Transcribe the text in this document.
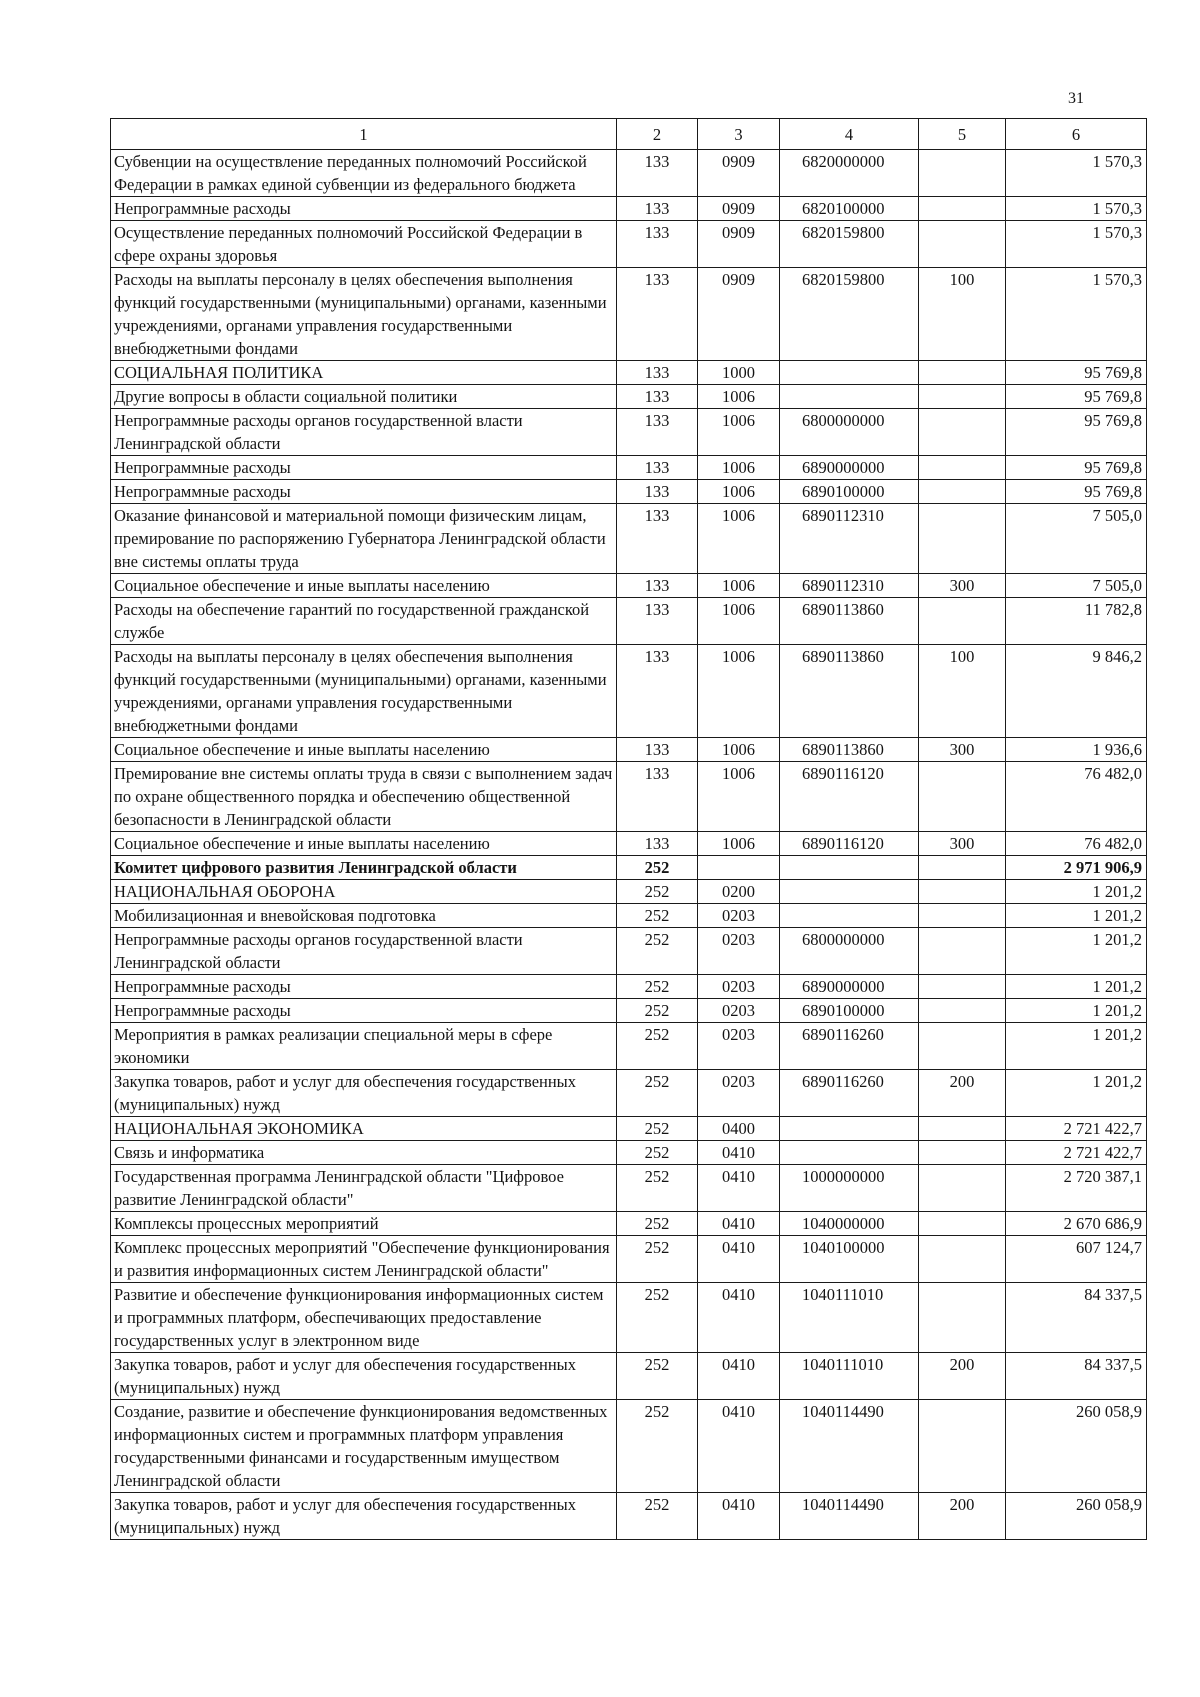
31
1	2	3	4	5	6
Субвенции на осуществление переданных полномочий Российской Федерации в рамках единой субвенции из федерального бюджета	133	0909	6820000000		1 570,3
Непрограммные расходы	133	0909	6820100000		1 570,3
Осуществление переданных полномочий Российской Федерации в сфере охраны здоровья	133	0909	6820159800		1 570,3
Расходы на выплаты персоналу в целях обеспечения выполнения функций государственными (муниципальными) органами, казенными учреждениями, органами управления государственными внебюджетными фондами	133	0909	6820159800	100	1 570,3
СОЦИАЛЬНАЯ ПОЛИТИКА	133	1000			95 769,8
Другие вопросы в области социальной политики	133	1006			95 769,8
Непрограммные расходы органов государственной власти Ленинградской области	133	1006	6800000000		95 769,8
Непрограммные расходы	133	1006	6890000000		95 769,8
Непрограммные расходы	133	1006	6890100000		95 769,8
Оказание финансовой и материальной помощи физическим лицам, премирование по распоряжению Губернатора Ленинградской области вне системы оплаты труда	133	1006	6890112310		7 505,0
Социальное обеспечение и иные выплаты населению	133	1006	6890112310	300	7 505,0
Расходы на обеспечение гарантий по государственной гражданской службе	133	1006	6890113860		11 782,8
Расходы на выплаты персоналу в целях обеспечения выполнения функций государственными (муниципальными) органами, казенными учреждениями, органами управления государственными внебюджетными фондами	133	1006	6890113860	100	9 846,2
Социальное обеспечение и иные выплаты населению	133	1006	6890113860	300	1 936,6
Премирование вне системы оплаты труда в связи с выполнением задач по охране общественного порядка и обеспечению общественной безопасности в Ленинградской области	133	1006	6890116120		76 482,0
Социальное обеспечение и иные выплаты населению	133	1006	6890116120	300	76 482,0
Комитет цифрового развития Ленинградской области	252				2 971 906,9
НАЦИОНАЛЬНАЯ ОБОРОНА	252	0200			1 201,2
Мобилизационная и вневойсковая подготовка	252	0203			1 201,2
Непрограммные расходы органов государственной власти Ленинградской области	252	0203	6800000000		1 201,2
Непрограммные расходы	252	0203	6890000000		1 201,2
Непрограммные расходы	252	0203	6890100000		1 201,2
Мероприятия в рамках реализации специальной меры в сфере экономики	252	0203	6890116260		1 201,2
Закупка товаров, работ и услуг для обеспечения государственных (муниципальных) нужд	252	0203	6890116260	200	1 201,2
НАЦИОНАЛЬНАЯ ЭКОНОМИКА	252	0400			2 721 422,7
Связь и информатика	252	0410			2 721 422,7
Государственная программа Ленинградской области "Цифровое развитие Ленинградской области"	252	0410	1000000000		2 720 387,1
Комплексы процессных мероприятий	252	0410	1040000000		2 670 686,9
Комплекс процессных мероприятий "Обеспечение функционирования и развития информационных систем Ленинградской области"	252	0410	1040100000		607 124,7
Развитие и обеспечение функционирования информационных систем и программных платформ, обеспечивающих предоставление государственных услуг в электронном виде	252	0410	1040111010		84 337,5
Закупка товаров, работ и услуг для обеспечения государственных (муниципальных) нужд	252	0410	1040111010	200	84 337,5
Создание, развитие и обеспечение функционирования ведомственных информационных систем и программных платформ управления государственными финансами и государственным имуществом Ленинградской области	252	0410	1040114490		260 058,9
Закупка товаров, работ и услуг для обеспечения государственных (муниципальных) нужд	252	0410	1040114490	200	260 058,9
